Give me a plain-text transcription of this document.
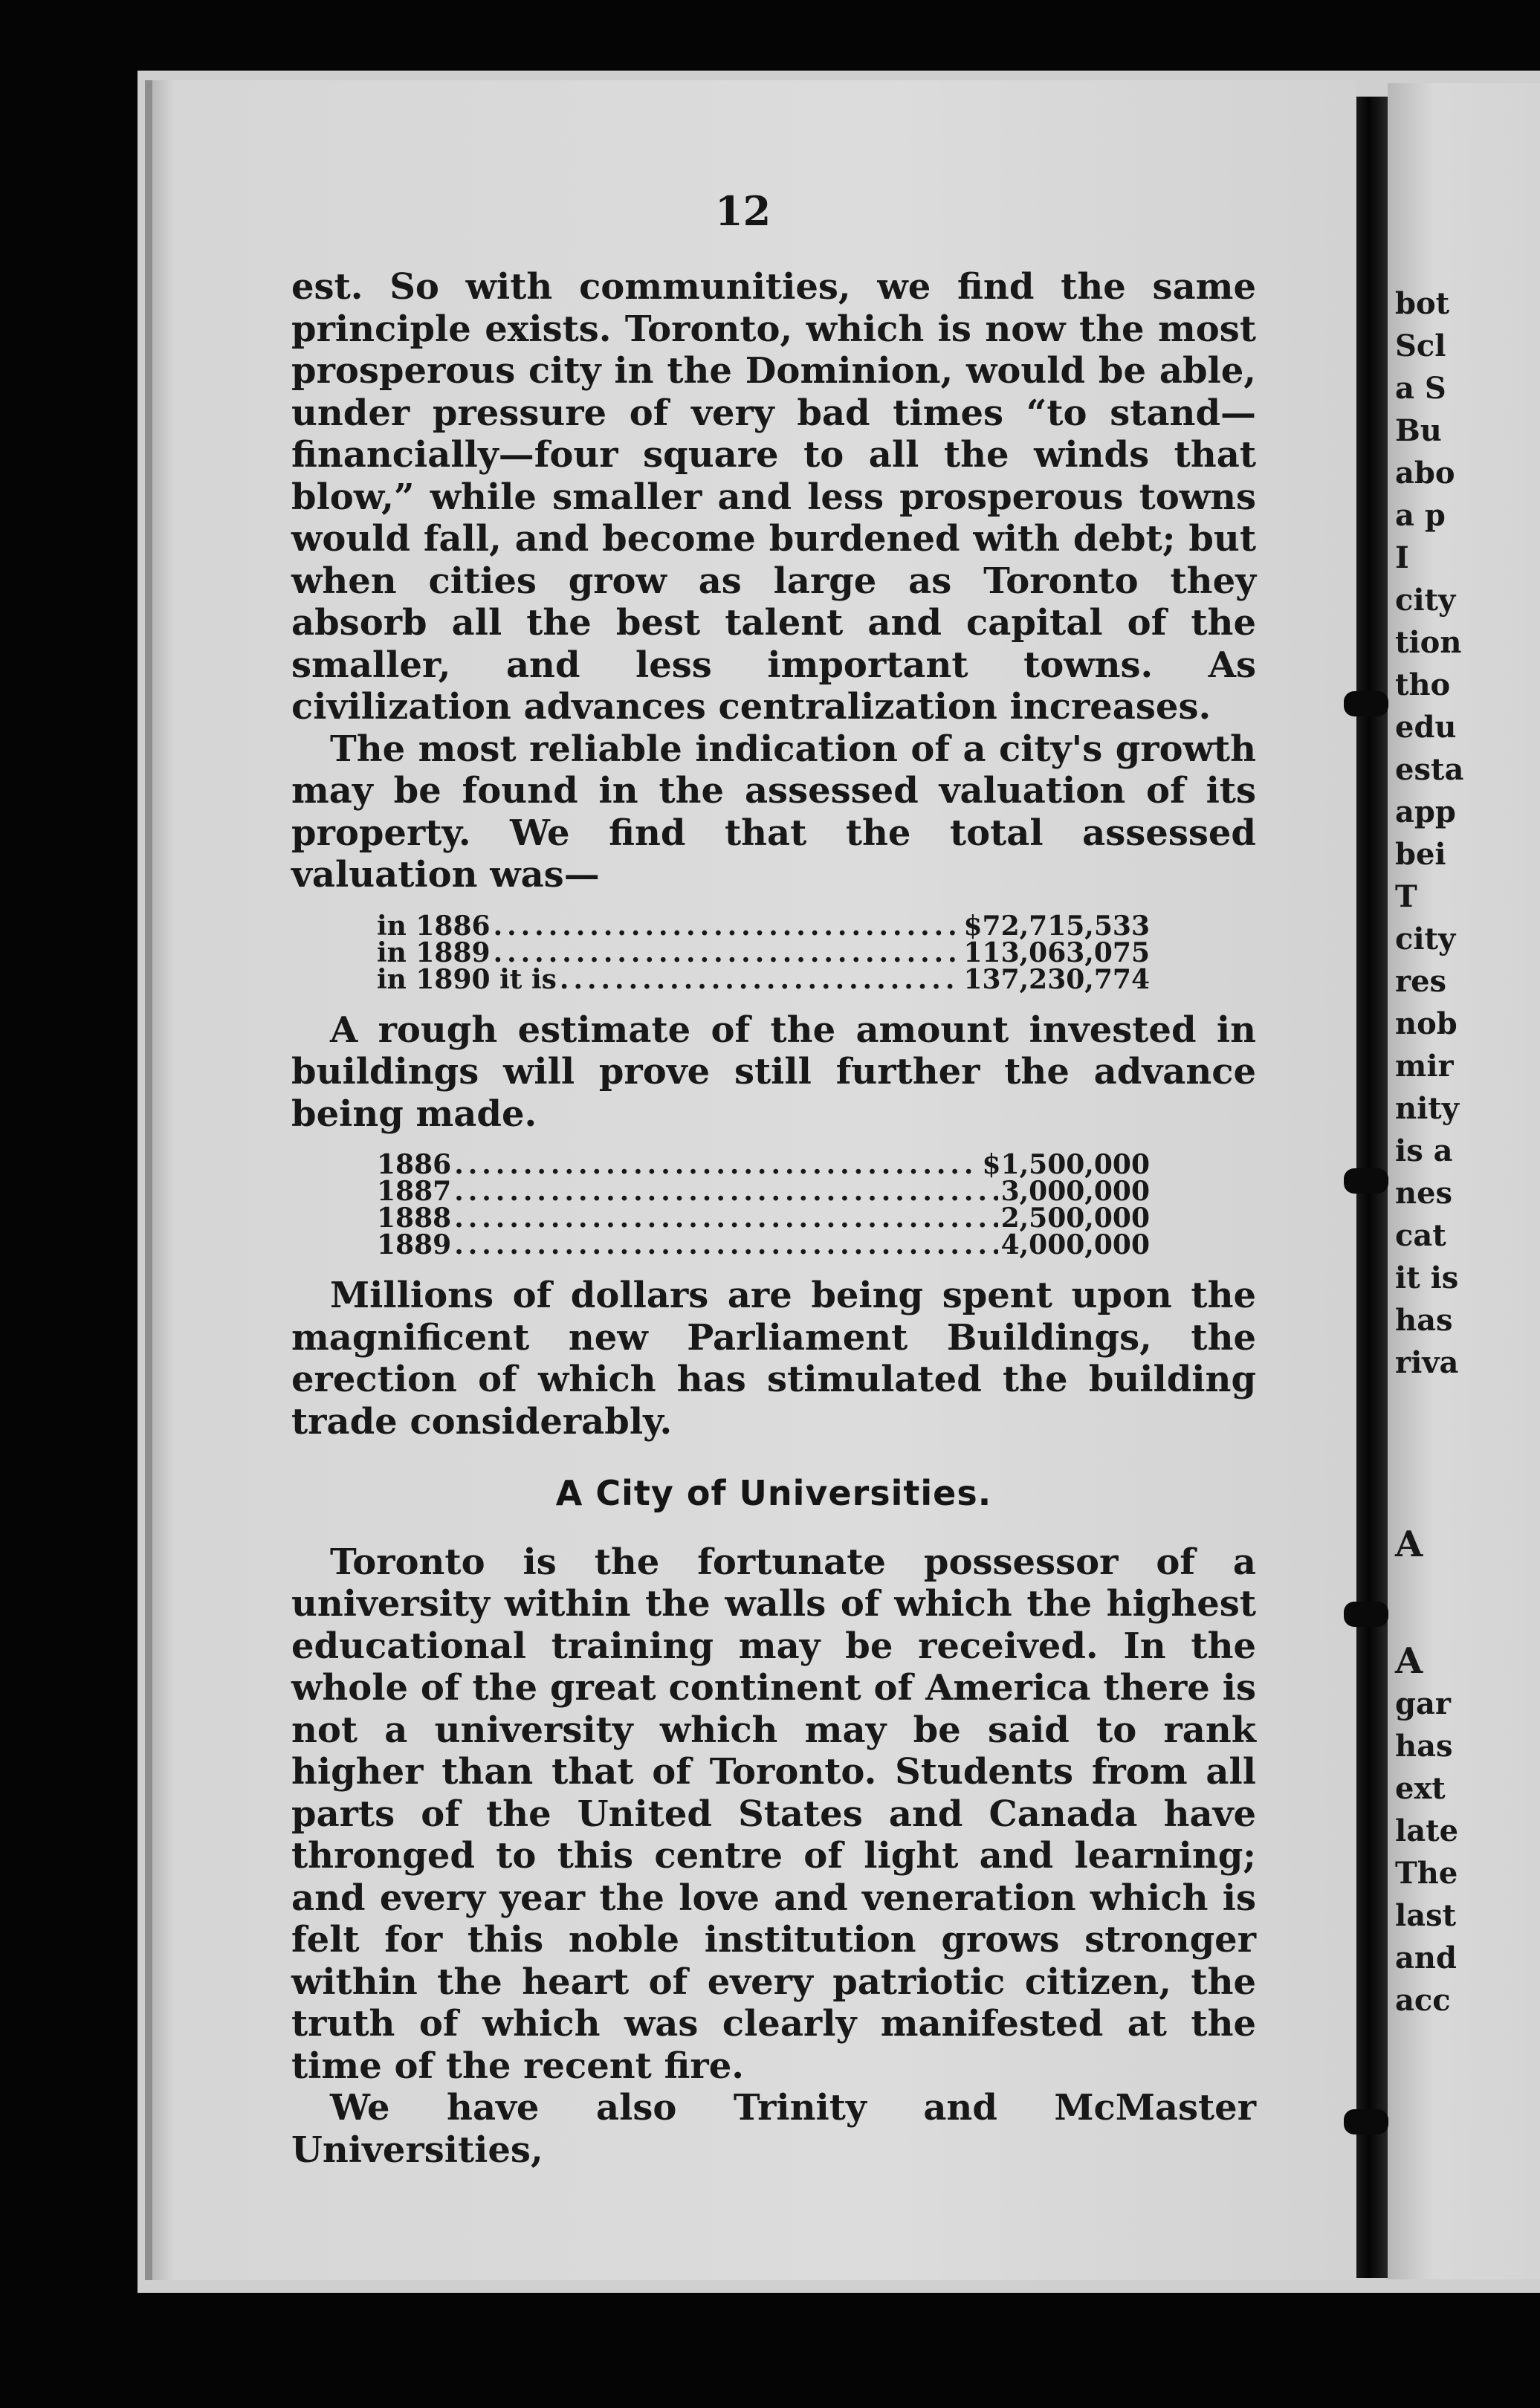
bot
Scl
a S
Bu
abo
a p
I
city
tion
tho
edu
esta
app
bei
T
city
res
nob
mir
nity
is a
nes
cat
it is
has
riva
A
A
gar
has
ext
late
The
last
and
acc
12

est. So with communities, we find the same principle exists. Toronto, which is now the most prosperous city in the Dominion, would be able, under pressure of very bad times “to stand—financially—four square to all the winds that blow,” while smaller and less prosperous towns would fall, and become burdened with debt; but when cities grow as large as Toronto they absorb all the best talent and capital of the smaller, and less important towns. As civilization advances centralization increases.

The most reliable indication of a city's growth may be found in the assessed valuation of its property. We find that the total assessed valuation was—

in 1886 .....	$72,715,533
in 1889 .....	113,063,075
in 1890 it is .....	137,230,774

A rough estimate of the amount invested in buildings will prove still further the advance being made.

1886 .....	$1,500,000
1887 .....	3,000,000
1888 .....	2,500,000
1889 .....	4,000,000

Millions of dollars are being spent upon the magnificent new Parliament Buildings, the erection of which has stimulated the building trade considerably.

A City of Universities.

Toronto is the fortunate possessor of a university within the walls of which the highest educational training may be received. In the whole of the great continent of America there is not a university which may be said to rank higher than that of Toronto. Students from all parts of the United States and Canada have thronged to this centre of light and learning; and every year the love and veneration which is felt for this noble institution grows stronger within the heart of every patriotic citizen, the truth of which was clearly manifested at the time of the recent fire.

We have also Trinity and McMaster Universities,
